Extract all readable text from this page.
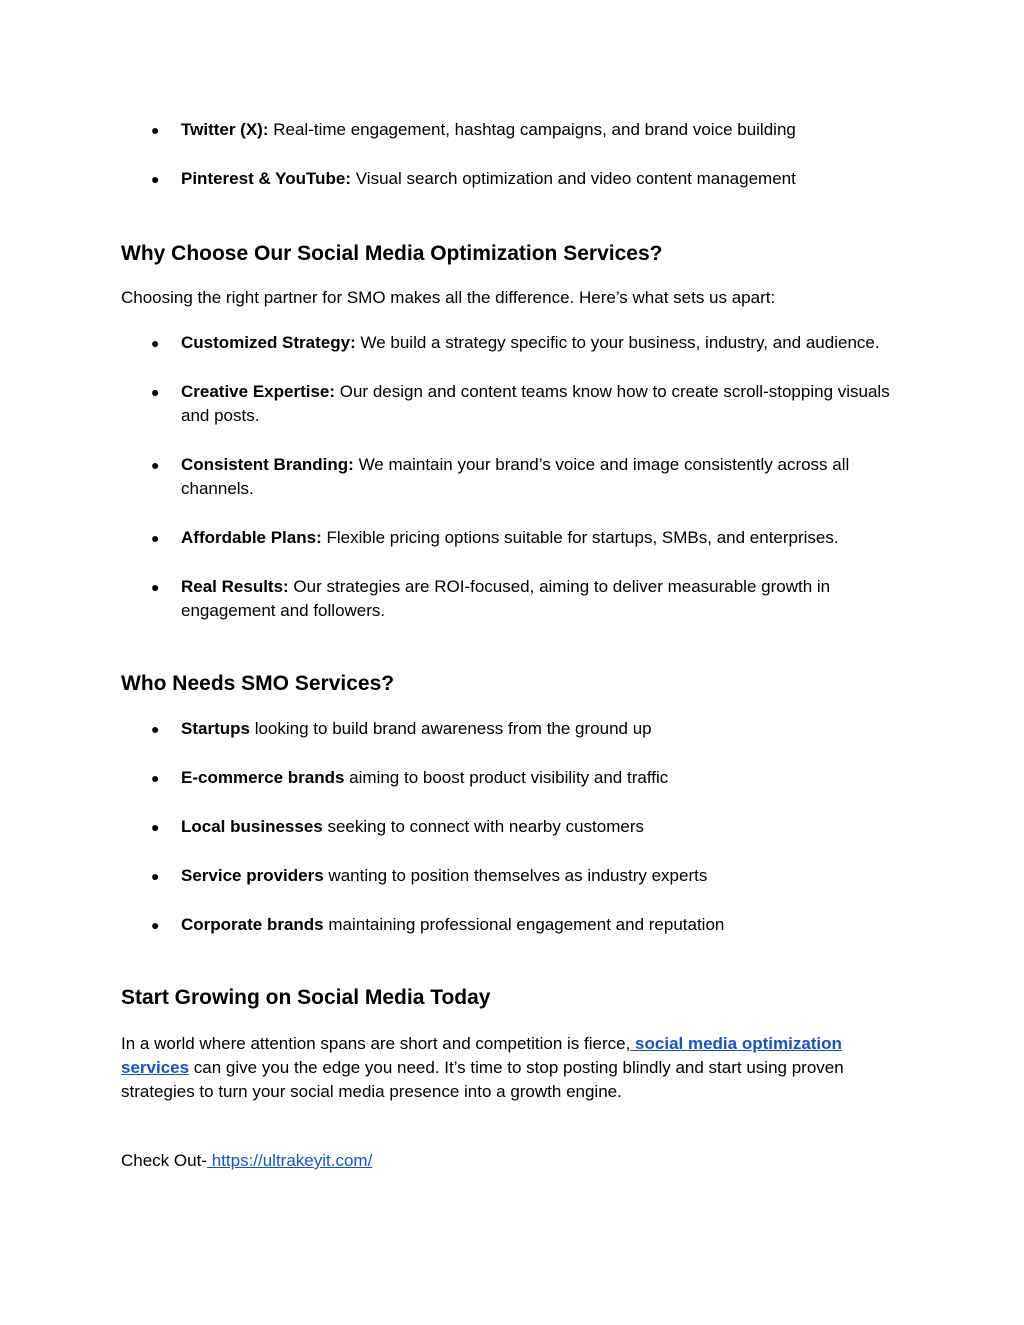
● Twitter (X): Real-time engagement, hashtag campaigns, and brand voice building
● Pinterest & YouTube: Visual search optimization and video content management
Why Choose Our Social Media Optimization Services?

Choosing the right partner for SMO makes all the difference. Here’s what sets us apart:

● Customized Strategy: We build a strategy specific to your business, industry, and audience.
● Creative Expertise: Our design and content teams know how to create scroll-stopping visuals and posts.
● Consistent Branding: We maintain your brand’s voice and image consistently across all channels.
● Affordable Plans: Flexible pricing options suitable for startups, SMBs, and enterprises.
● Real Results: Our strategies are ROI-focused, aiming to deliver measurable growth in engagement and followers.
Who Needs SMO Services?
● Startups looking to build brand awareness from the ground up
● E-commerce brands aiming to boost product visibility and traffic
● Local businesses seeking to connect with nearby customers
● Service providers wanting to position themselves as industry experts
● Corporate brands maintaining professional engagement and reputation
Start Growing on Social Media Today

In a world where attention spans are short and competition is fierce, social media optimization services can give you the edge you need. It’s time to stop posting blindly and start using proven strategies to turn your social media presence into a growth engine.

Check Out- https://ultrakeyit.com/
